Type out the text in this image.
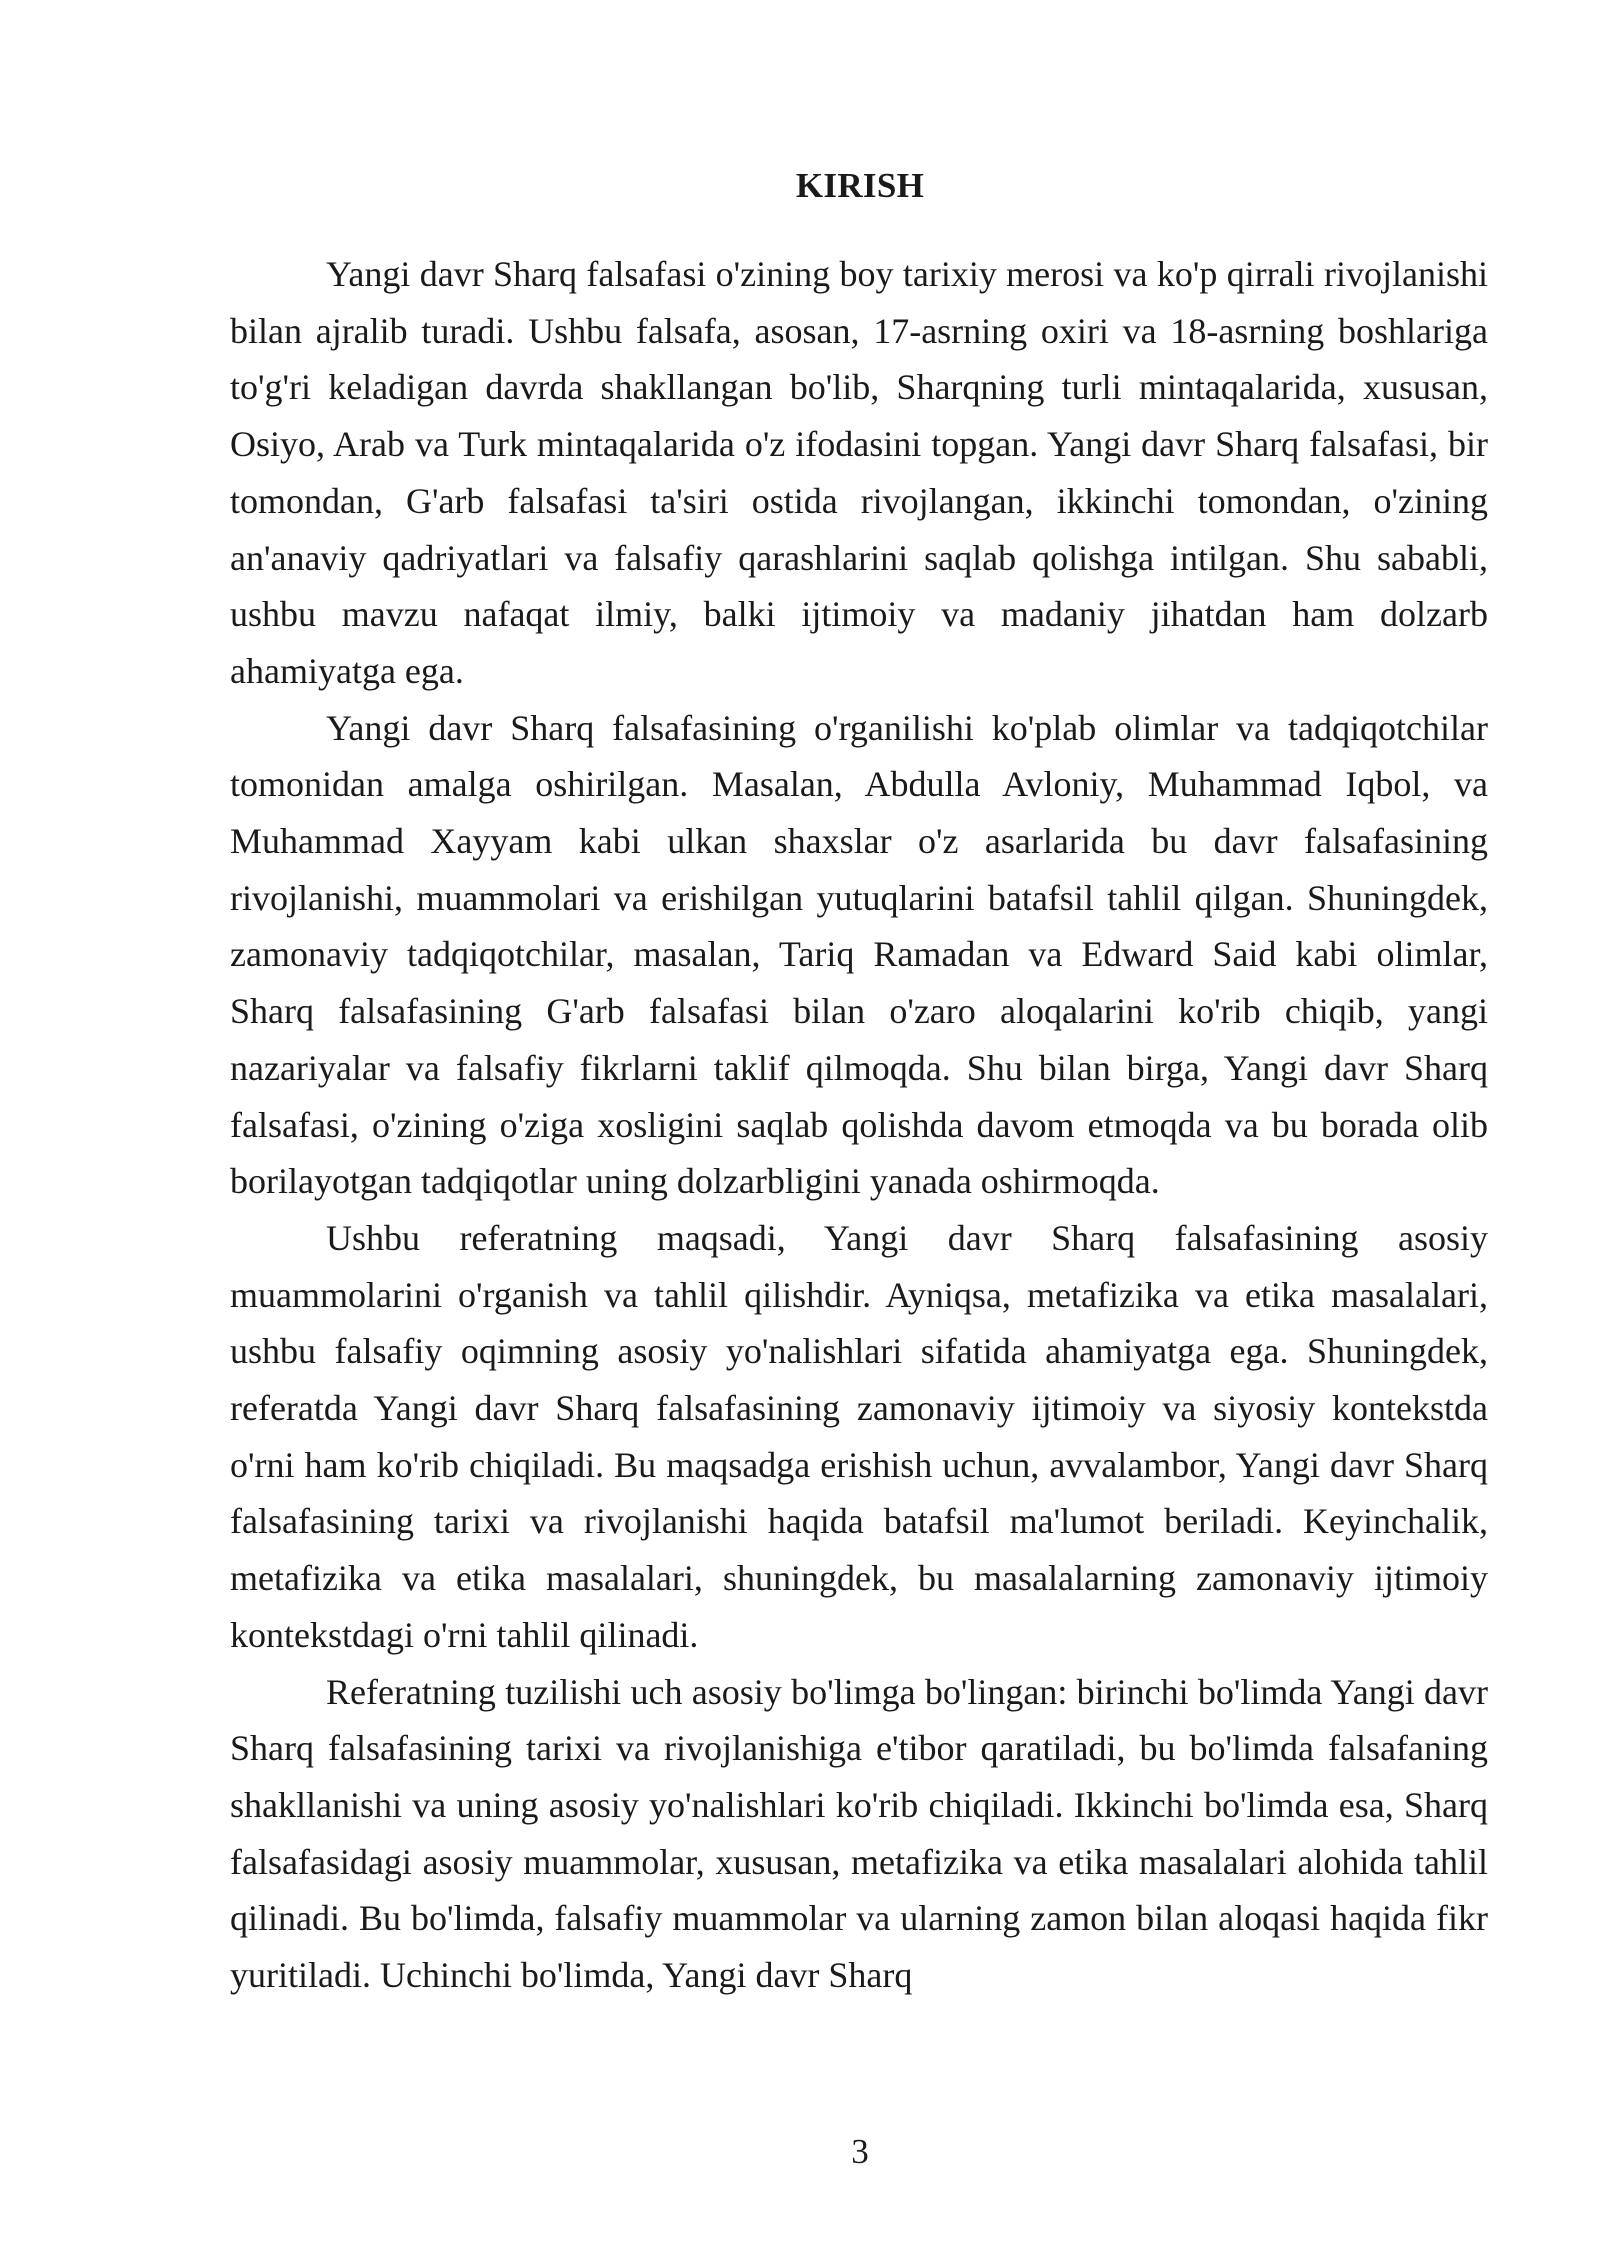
KIRISH

Yangi davr Sharq falsafasi o'zining boy tarixiy merosi va ko'p qirrali rivojlanishi bilan ajralib turadi. Ushbu falsafa, asosan, 17-asrning oxiri va 18-asrning boshlariga to'g'ri keladigan davrda shakllangan bo'lib, Sharqning turli mintaqalarida, xususan, Osiyo, Arab va Turk mintaqalarida o'z ifodasini topgan. Yangi davr Sharq falsafasi, bir tomondan, G'arb falsafasi ta'siri ostida rivojlangan, ikkinchi tomondan, o'zining an'anaviy qadriyatlari va falsafiy qarashlarini saqlab qolishga intilgan. Shu sababli, ushbu mavzu nafaqat ilmiy, balki ijtimoiy va madaniy jihatdan ham dolzarb ahamiyatga ega.

Yangi davr Sharq falsafasining o'rganilishi ko'plab olimlar va tadqiqotchilar tomonidan amalga oshirilgan. Masalan, Abdulla Avloniy, Muhammad Iqbol, va Muhammad Xayyam kabi ulkan shaxslar o'z asarlarida bu davr falsafasining rivojlanishi, muammolari va erishilgan yutuqlarini batafsil tahlil qilgan. Shuningdek, zamonaviy tadqiqotchilar, masalan, Tariq Ramadan va Edward Said kabi olimlar, Sharq falsafasining G'arb falsafasi bilan o'zaro aloqalarini ko'rib chiqib, yangi nazariyalar va falsafiy fikrlarni taklif qilmoqda. Shu bilan birga, Yangi davr Sharq falsafasi, o'zining o'ziga xosligini saqlab qolishda davom etmoqda va bu borada olib borilayotgan tadqiqotlar uning dolzarbligini yanada oshirmoqda.

Ushbu referatning maqsadi, Yangi davr Sharq falsafasining asosiy muammolarini o'rganish va tahlil qilishdir. Ayniqsa, metafizika va etika masalalari, ushbu falsafiy oqimning asosiy yo'nalishlari sifatida ahamiyatga ega. Shuningdek, referatda Yangi davr Sharq falsafasining zamonaviy ijtimoiy va siyosiy kontekstda o'rni ham ko'rib chiqiladi. Bu maqsadga erishish uchun, avvalambor, Yangi davr Sharq falsafasining tarixi va rivojlanishi haqida batafsil ma'lumot beriladi. Keyinchalik, metafizika va etika masalalari, shuningdek, bu masalalarning zamonaviy ijtimoiy kontekstdagi o'rni tahlil qilinadi.

Referatning tuzilishi uch asosiy bo'limga bo'lingan: birinchi bo'limda Yangi davr Sharq falsafasining tarixi va rivojlanishiga e'tibor qaratiladi, bu bo'limda falsafaning shakllanishi va uning asosiy yo'nalishlari ko'rib chiqiladi. Ikkinchi bo'limda esa, Sharq falsafasidagi asosiy muammolar, xususan, metafizika va etika masalalari alohida tahlil qilinadi. Bu bo'limda, falsafiy muammolar va ularning zamon bilan aloqasi haqida fikr yuritiladi. Uchinchi bo'limda, Yangi davr Sharq

3
